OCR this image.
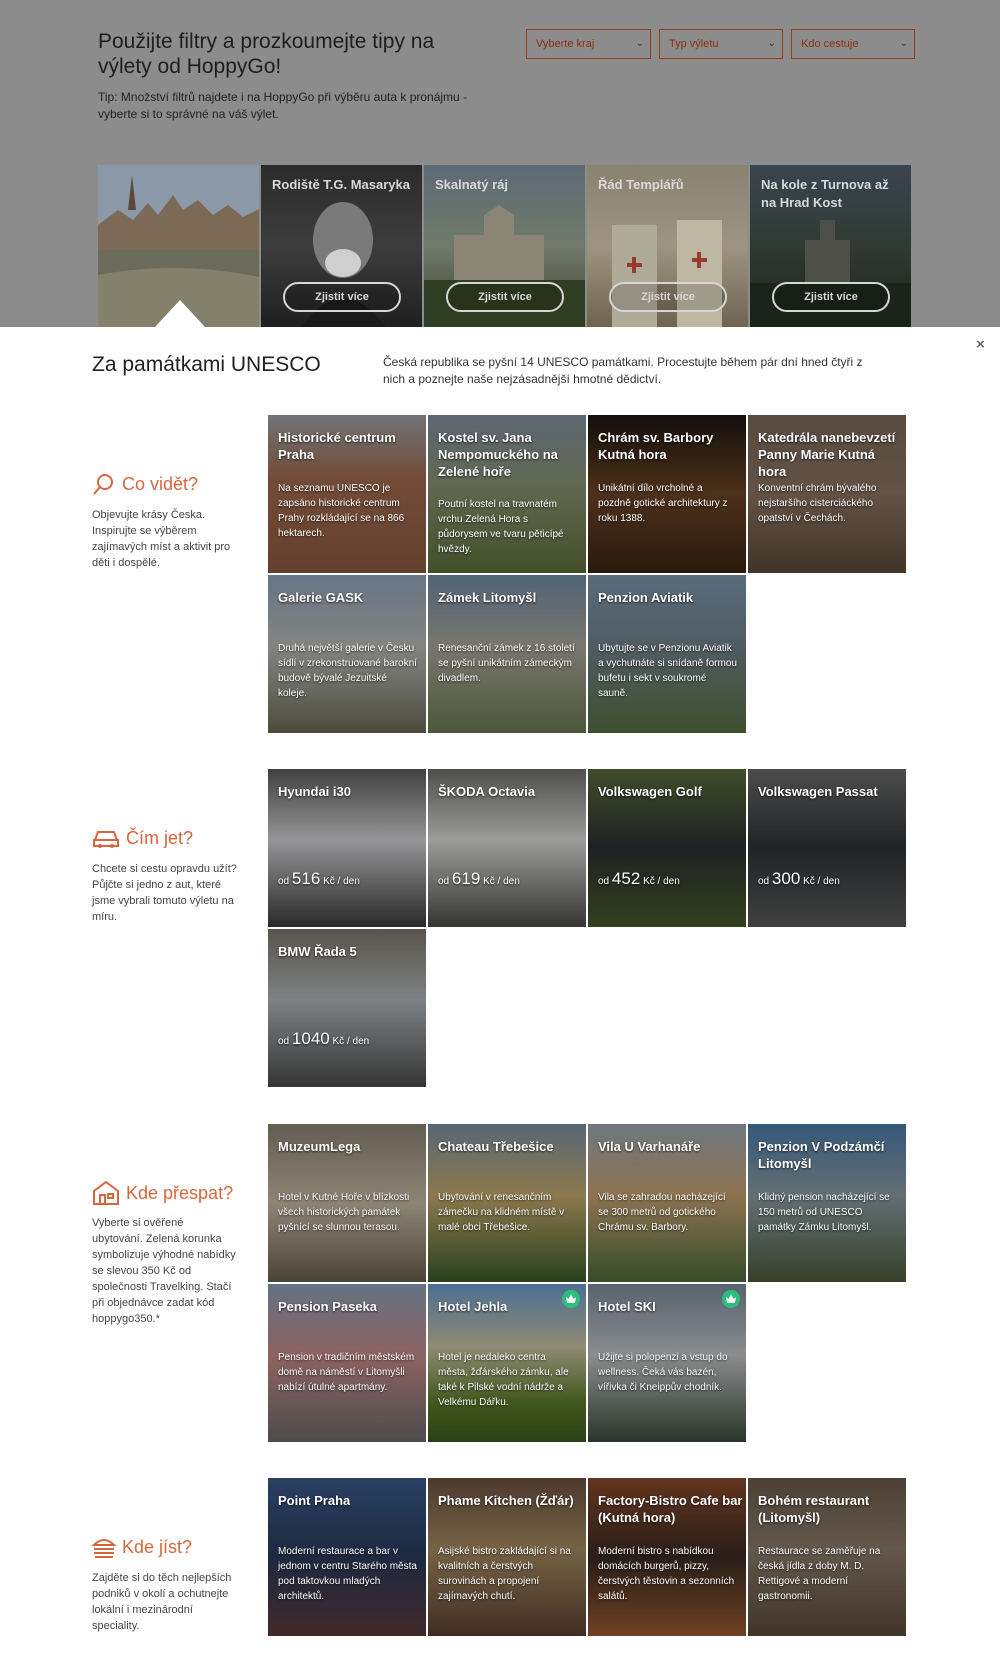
Použijte filtry a prozkoumejte tipy na výlety od HoppyGo!
Tip: Množství filtrů najdete i na HoppyGo při výběru auta k pronájmu - vyberte si to správné na váš výlet.
Vyberte kraj	⌄	Typ výletu	⌄	Kdo cestuje	⌄
Rodiště T.G. Masaryka
Zjistit více
Skalnatý ráj
Zjistit více
Řád Templářů
Zjistit více
Na kole z Turnova až na Hrad Kost
Zjistit více
Za památkami UNESCO	Česká republika se pyšní 14 UNESCO památkami. Procestujte během pár dní hned čtyři z nich a poznejte naše nejzásadnější hmotné dědictví.
×
Co vidět?
Objevujte krásy Česka. Inspirujte se výběrem zajímavých míst a aktivit pro děti i dospělé.
Historické centrum Praha
Na seznamu UNESCO je zapsáno historické centrum Prahy rozkládající se na 866 hektarech.
Kostel sv. Jana Nempomuckého na Zelené hoře
Poutní kostel na travnatém vrchu Zelená Hora s půdorysem ve tvaru pěticípé hvězdy.
Chrám sv. Barbory Kutná hora
Unikátní dílo vrcholné a pozdně gotické architektury z roku 1388.
Katedrála nanebevzetí Panny Marie Kutná hora
Konventní chrám bývalého nejstaršího cisterciáckého opatství v Čechách.
Galerie GASK
Druhá největší galerie v Česku sídlí v zrekonstruované barokní budově bývalé Jezuitské koleje.
Zámek Litomyšl
Renesanční zámek z 16.století se pyšní unikátním zámeckým divadlem.
Penzion Aviatik
Ubytujte se v Penzionu Aviatik a vychutnáte si snídaně formou bufetu i sekt v soukromé sauně.
Čím jet?
Chcete si cestu opravdu užít? Půjčte si jedno z aut, které jsme vybrali tomuto výletu na míru.
Hyundai i30
od 516 Kč / den
ŠKODA Octavia
od 619 Kč / den
Volkswagen Golf
od 452 Kč / den
Volkswagen Passat
od 300 Kč / den
BMW Řada 5
od 1040 Kč / den
Kde přespat?
Vyberte si ověřené ubytování. Zelená korunka symbolizuje výhodné nabídky se slevou 350 Kč od společnosti Travelking. Stačí při objednávce zadat kód hoppygo350.*
MuzeumLega
Hotel v Kutné Hoře v blízkosti všech historických památek pyšnící se slunnou terasou.
Chateau Třebešice
Ubytování v renesančním zámečku na klidném místě v malé obci Třebešice.
Vila U Varhanáře
Vila se zahradou nacházející se 300 metrů od gotického Chrámu sv. Barbory.
Penzion V Podzámčí Litomyšl
Klidný pension nacházející se 150 metrů od UNESCO památky Zámku Litomyšl.
Pension Paseka
Pension v tradičním městském domě na náměstí v Litomyšli nabízí útulné apartmány.
Hotel Jehla
Hotel je nedaleko centra města, žďárského zámku, ale také k Pilské vodní nádrže a Velkému Dářku.
Hotel SKI
Užijte si polopenzi a vstup do wellness. Čeká vás bazén, vířivka či Kneippův chodník.
Kde jíst?
Zajděte si do těch nejlepších podniků v okolí a ochutnejte lokální i mezinárodní speciality.
Point Praha
Moderní restaurace a bar v jednom v centru Starého města pod taktovkou mladých architektů.
Phame Kitchen (Žďár)
Asijské bistro zakládající si na kvalitních a čerstvých surovinách a propojení zajímavých chutí.
Factory-Bistro Cafe bar (Kutná hora)
Moderní bistro s nabídkou domácích burgerů, pizzy, čerstvých těstovin a sezonních salátů.
Bohém restaurant (Litomyšl)
Restaurace se zaměřuje na česká jídla z doby M. D. Rettigové a moderní gastronomii.
